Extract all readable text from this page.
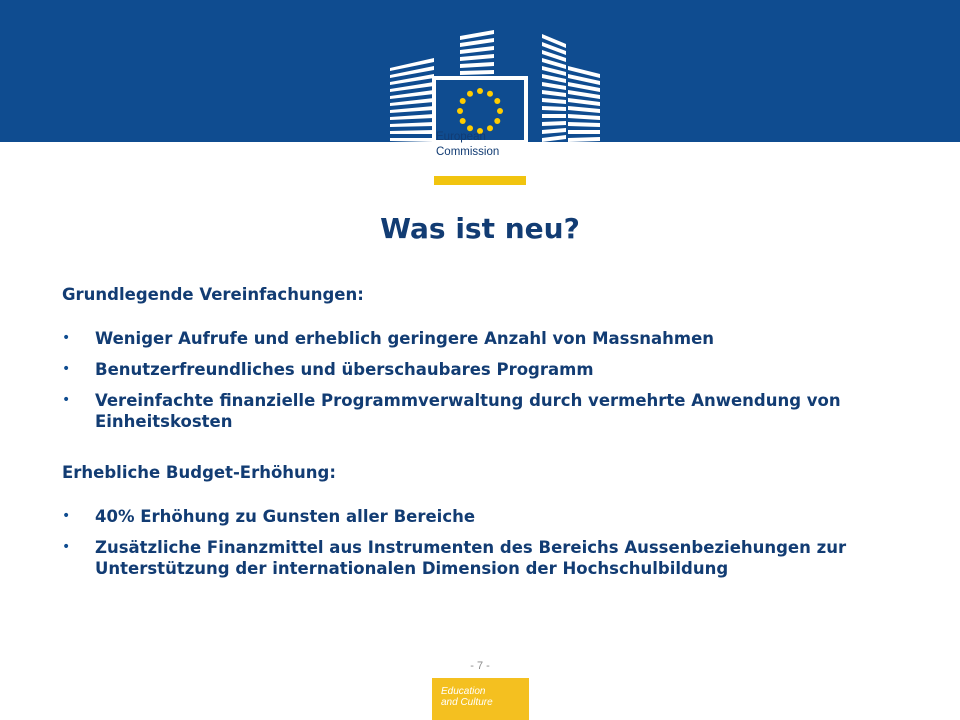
European
Commission
Was ist neu?

Grundlegende Vereinfachungen:

• Weniger Aufrufe und erheblich geringere Anzahl von Massnahmen
• Benutzerfreundliches und überschaubares Programm
• Vereinfachte finanzielle Programmverwaltung durch vermehrte Anwendung von Einheitskosten

Erhebliche Budget-Erhöhung:

• 40% Erhöhung zu Gunsten aller Bereiche
• Zusätzliche Finanzmittel aus Instrumenten des Bereichs Aussenbeziehungen zur Unterstützung der internationalen Dimension der Hochschulbildung
- 7 -
Education
and Culture
